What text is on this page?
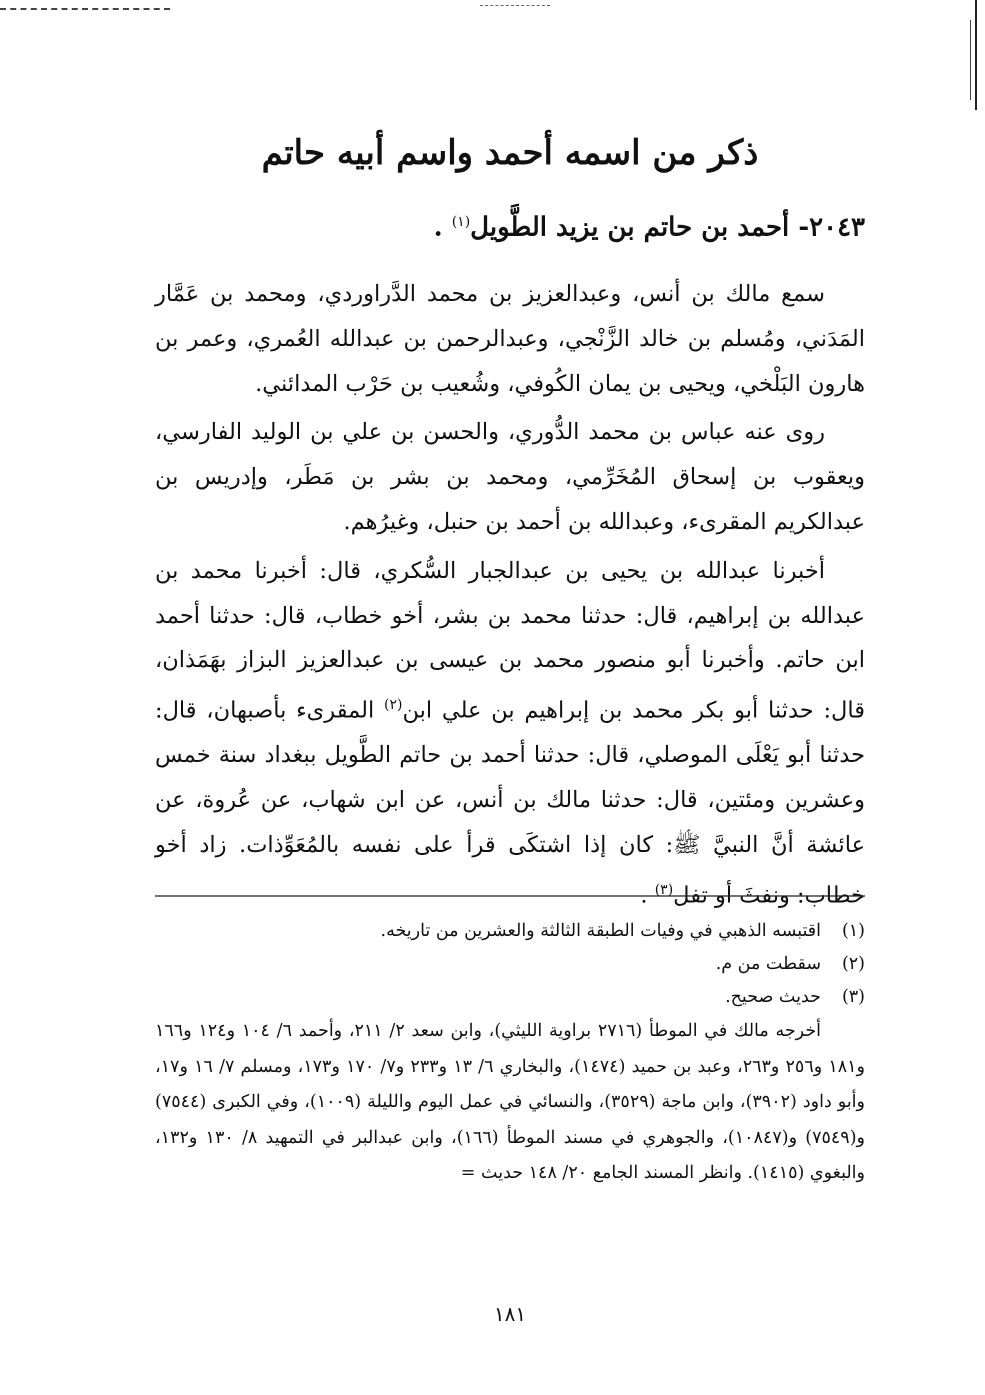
ذكر من اسمه أحمد واسم أبيه حاتم
٢٠٤٣- أحمد بن حاتم بن يزيد الطَّويل$^{(١)}$ .

سمع مالك بن أنس، وعبدالعزيز بن محمد الدَّراوردي، ومحمد بن عَمَّار المَدَني، ومُسلم بن خالد الزَّنْجي، وعبدالرحمن بن عبدالله العُمري، وعمر بن هارون البَلْخي، ويحيى بن يمان الكُوفي، وشُعيب بن حَرْب المدائني.

روى عنه عباس بن محمد الدُّوري، والحسن بن علي بن الوليد الفارسي، ويعقوب بن إسحاق المُخَرِّمي، ومحمد بن بشر بن مَطَر، وإدريس بن عبدالكريم المقرىء، وعبدالله بن أحمد بن حنبل، وغيرُهم.

أخبرنا عبدالله بن يحيى بن عبدالجبار السُّكري، قال: أخبرنا محمد بن عبدالله بن إبراهيم، قال: حدثنا محمد بن بشر، أخو خطاب، قال: حدثنا أحمد ابن حاتم. وأخبرنا أبو منصور محمد بن عيسى بن عبدالعزيز البزاز بهَمَذان، قال: حدثنا أبو بكر محمد بن إبراهيم بن علي ابن$^{(٢)}$ المقرىء بأصبهان، قال: حدثنا أبو يَعْلَى الموصلي، قال: حدثنا أحمد بن حاتم الطَّويل ببغداد سنة خمس وعشرين ومئتين، قال: حدثنا مالك بن أنس، عن ابن شهاب، عن عُروة، عن عائشة أنَّ النبيَّ ﷺ: كان إذا اشتكَى قرأ على نفسه بالمُعَوِّذات. زاد أخو خطاب: ونفثَ أو تفل$^{(٣)}$ .

(١)اقتبسه الذهبي في وفيات الطبقة الثالثة والعشرين من تاريخه.

(٢)سقطت من م.

(٣)حديث صحيح.

أخرجه مالك في الموطأ (٢٧١٦ براوية الليثي)، وابن سعد ٢/ ٢١١، وأحمد ٦/ ١٠٤ و١٢٤ و١٦٦ و١٨١ و٢٥٦ و٢٦٣، وعبد بن حميد (١٤٧٤)، والبخاري ٦/ ١٣ و٢٣٣ و٧/ ١٧٠ و١٧٣، ومسلم ٧/ ١٦ و١٧، وأبو داود (٣٩٠٢)، وابن ماجة (٣٥٢٩)، والنسائي في عمل اليوم والليلة (١٠٠٩)، وفي الكبرى (٧٥٤٤) و(٧٥٤٩) و(١٠٨٤٧)، والجوهري في مسند الموطأ (١٦٦)، وابن عبدالبر في التمهيد ٨/ ١٣٠ و١٣٢، والبغوي (١٤١٥). وانظر المسند الجامع ٢٠/ ١٤٨ حديث =

١٨١
